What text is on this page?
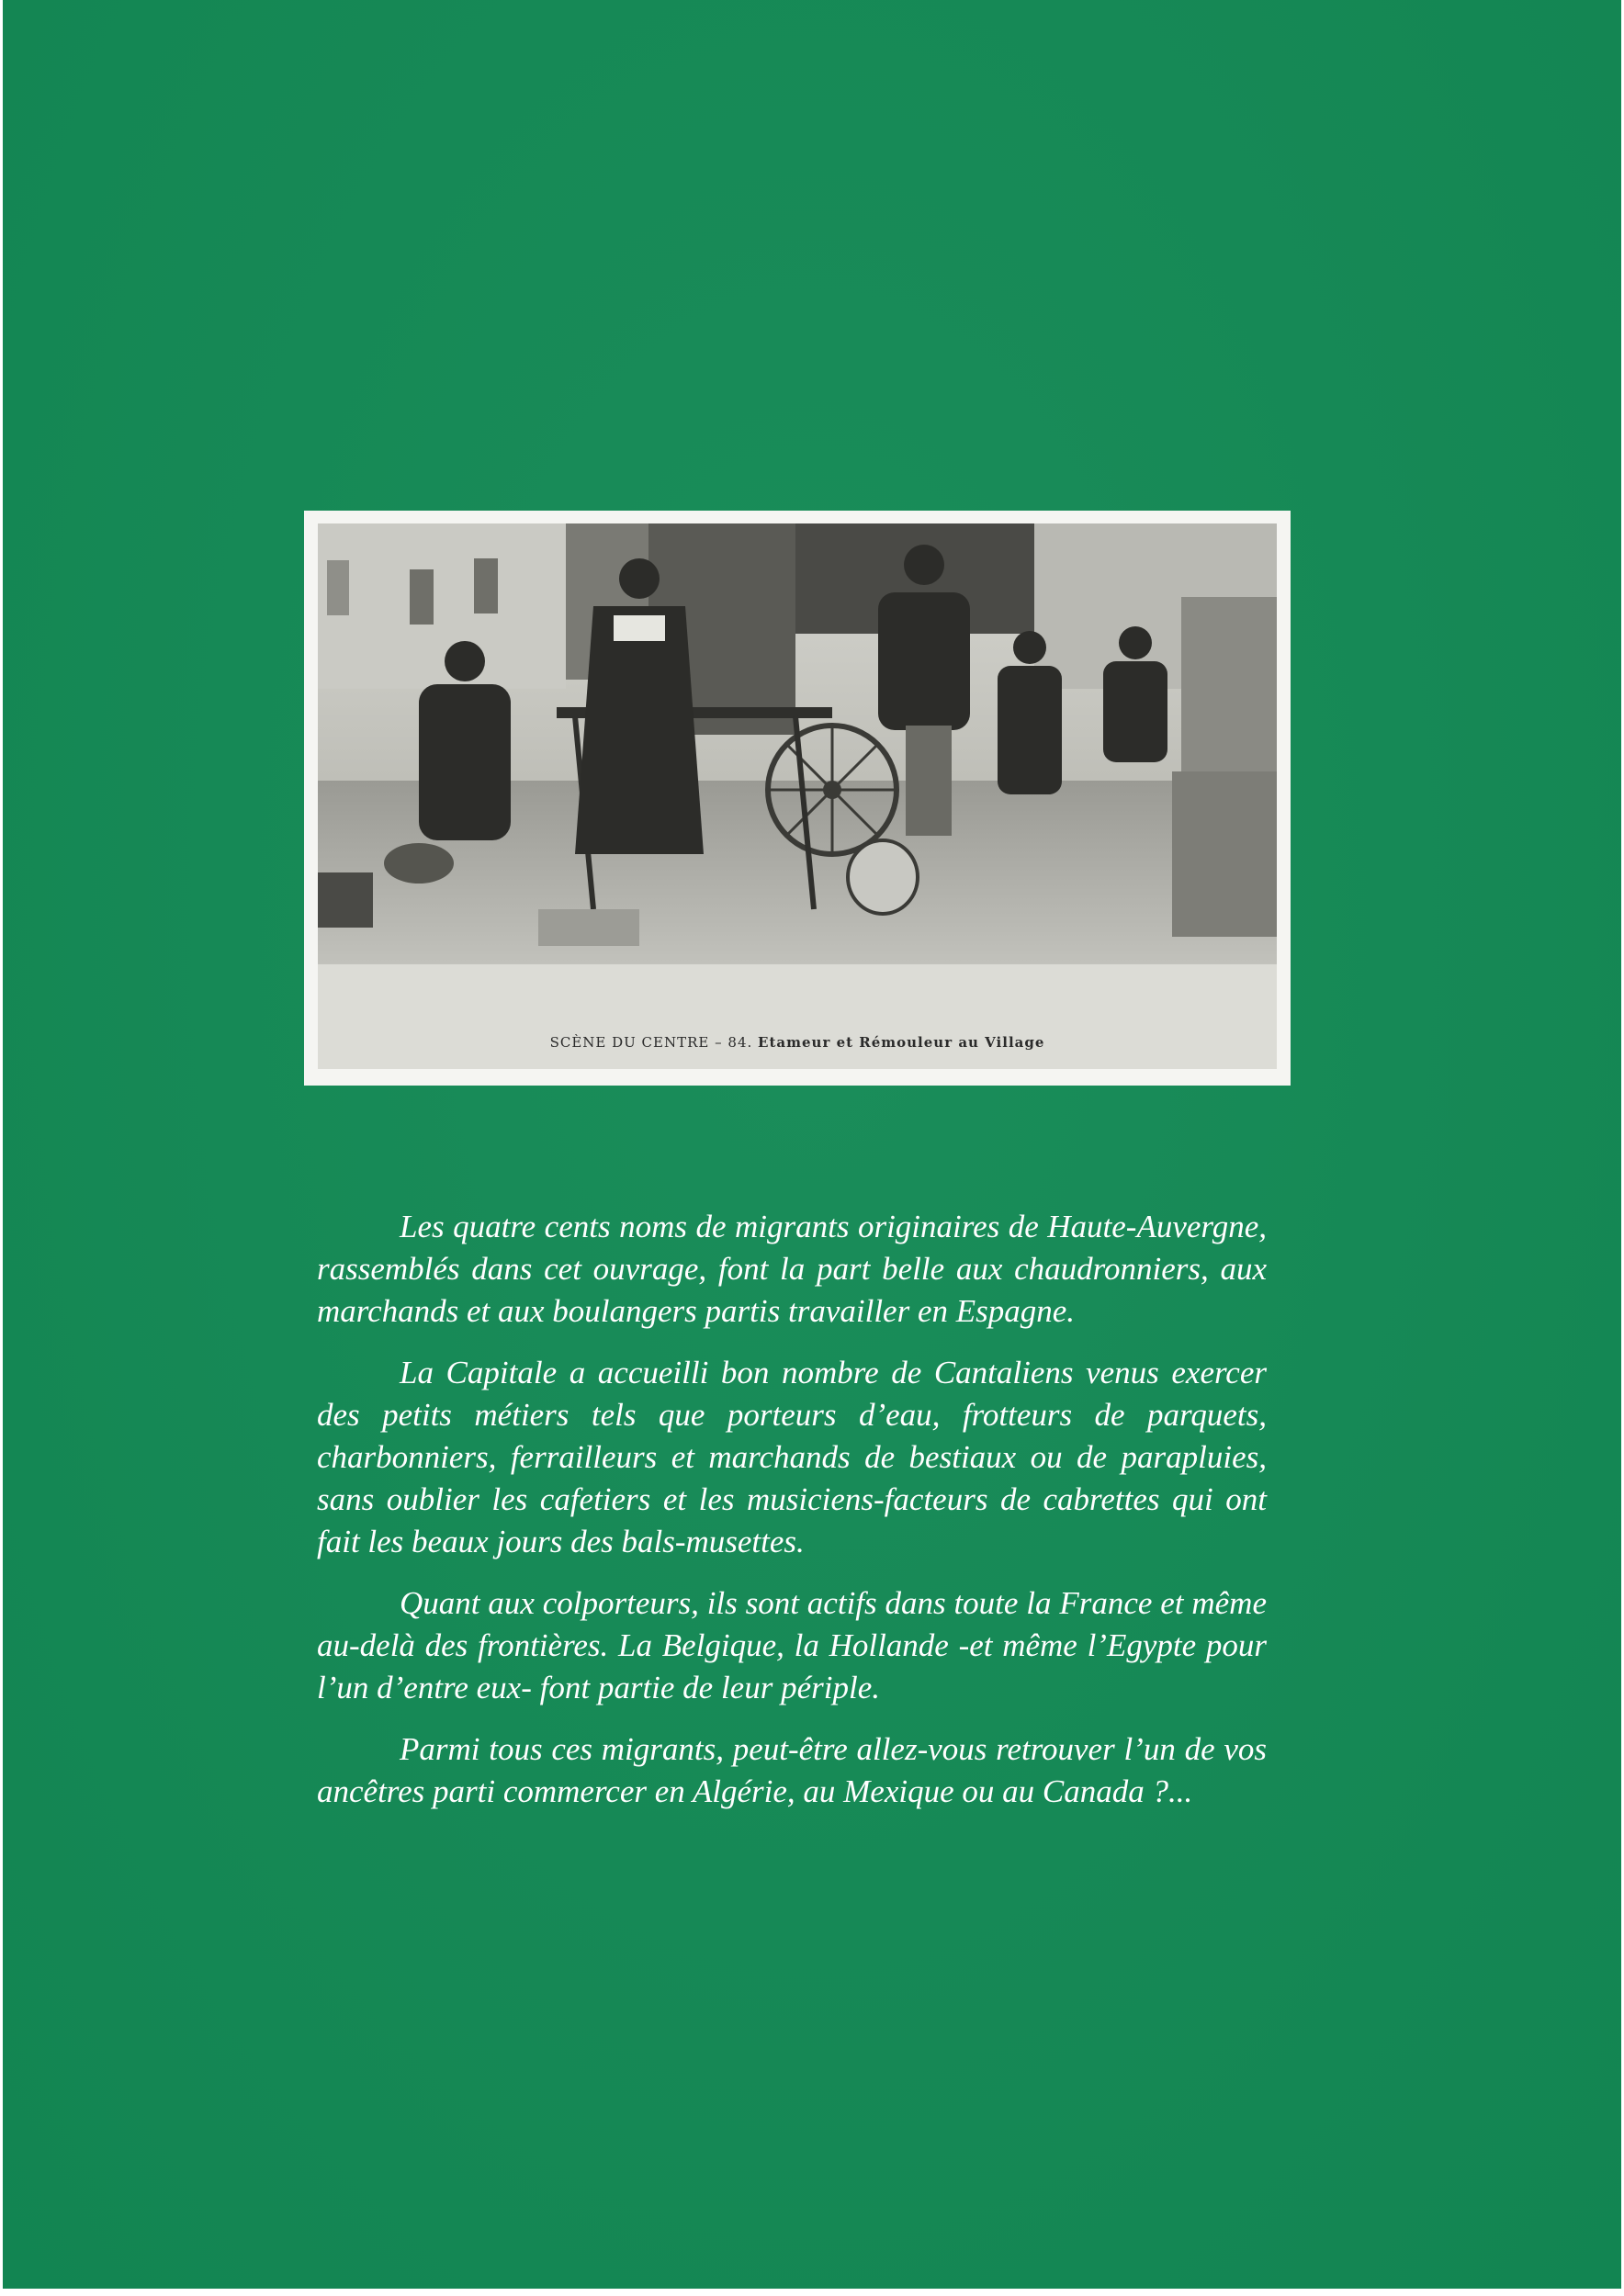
SCÈNE DU CENTRE – 84. Etameur et Rémouleur au Village

Les quatre cents noms de migrants originaires de Haute-Auvergne, rassemblés dans cet ouvrage, font la part belle aux chaudronniers, aux marchands et aux boulangers partis travailler en Espagne.

La Capitale a accueilli bon nombre de Cantaliens venus exercer des petits métiers tels que porteurs d’eau, frotteurs de parquets, charbonniers, ferrailleurs et marchands de bestiaux ou de parapluies, sans oublier les cafetiers et les musiciens-facteurs de cabrettes qui ont fait les beaux jours des bals-musettes.

Quant aux colporteurs, ils sont actifs dans toute la France et même au-delà des frontières. La Belgique, la Hollande -et même l’Egypte pour l’un d’entre eux- font partie de leur périple.

Parmi tous ces migrants, peut-être allez-vous retrouver l’un de vos ancêtres parti commercer en Algérie, au Mexique ou au Canada ?...
